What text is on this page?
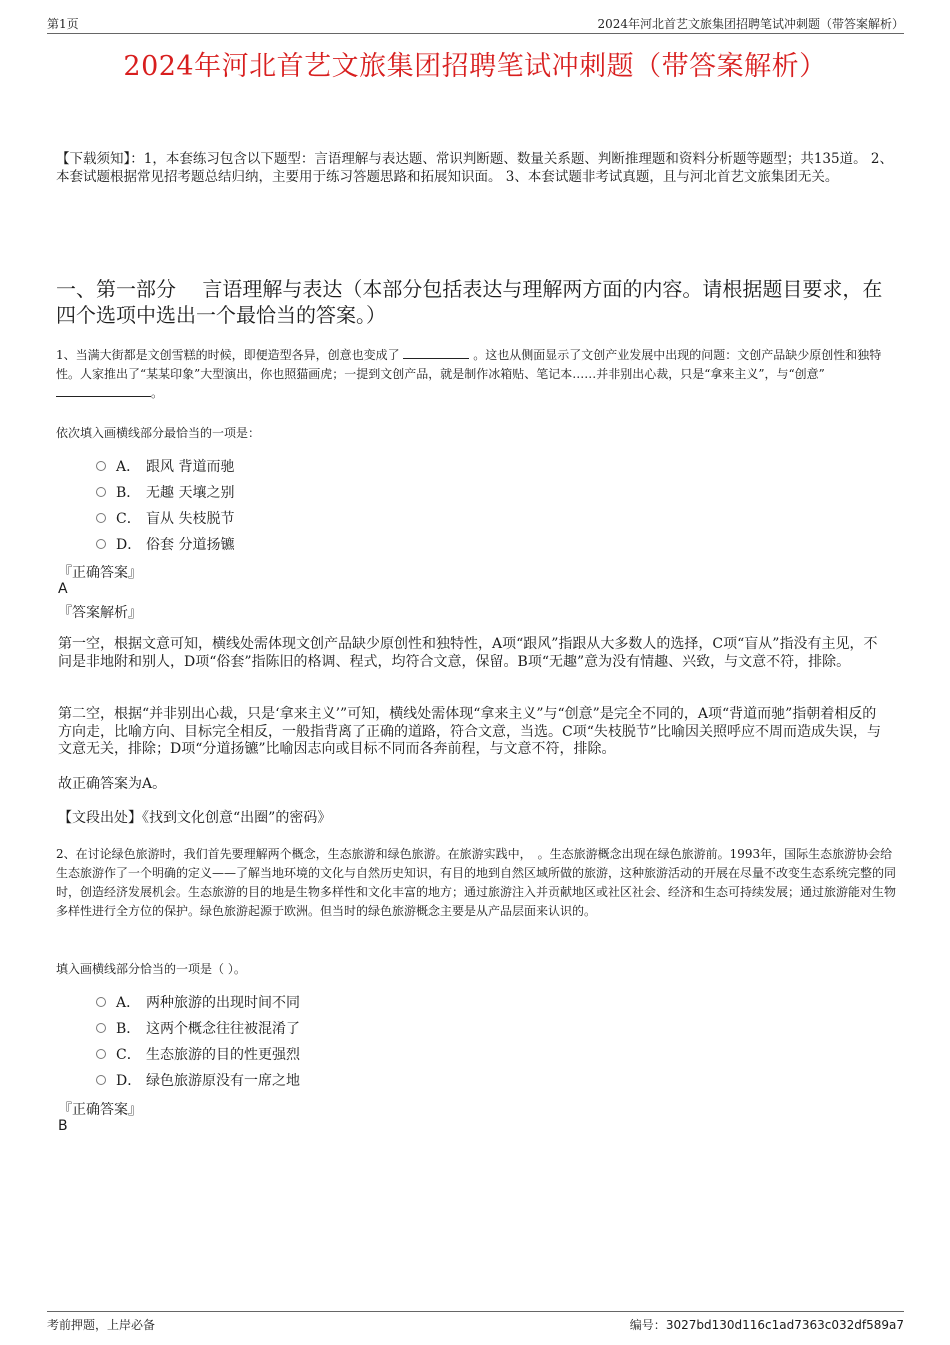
第1页	2024年河北首艺文旅集团招聘笔试冲刺题（带答案解析）
2024年河北首艺文旅集团招聘笔试冲刺题（带答案解析）
【下载须知】：1，本套练习包含以下题型：言语理解与表达题、常识判断题、数量关系题、判断推理题和资料分析题等题型；共135道。 2、本套试题根据常见招考题总结归纳，主要用于练习答题思路和拓展知识面。 3、本套试题非考试真题，且与河北首艺文旅集团无关。
一、第一部分　 言语理解与表达（本部分包括表达与理解两方面的内容。请根据题目要求，在四个选项中选出一个最恰当的答案。）
1、当满大街都是文创雪糕的时候，即便造型各异，创意也变成了	。这也从侧面显示了文创产业发展中出现的问题：文创产品缺少原创性和独特性。人家推出了“某某印象”大型演出，你也照猫画虎；一提到文创产品，就是制作冰箱贴、笔记本……并非别出心裁，只是“拿来主义”，与“创意” 。
依次填入画横线部分最恰当的一项是：
A． 跟风 背道而驰
B． 无趣 天壤之别
C． 盲从 失枝脱节
D． 俗套 分道扬镳
『正确答案』
A
『答案解析』
第一空，根据文意可知，横线处需体现文创产品缺少原创性和独特性，A项“跟风”指跟从大多数人的选择，C项“盲从”指没有主见，不问是非地附和别人，D项“俗套”指陈旧的格调、程式，均符合文意，保留。B项“无趣”意为没有情趣、兴致，与文意不符，排除。
第二空，根据“并非别出心裁，只是‘拿来主义’”可知，横线处需体现“拿来主义”与“创意”是完全不同的，A项“背道而驰”指朝着相反的方向走，比喻方向、目标完全相反，一般指背离了正确的道路，符合文意，当选。C项“失枝脱节”比喻因关照呼应不周而造成失误，与文意无关，排除；D项“分道扬镳”比喻因志向或目标不同而各奔前程，与文意不符，排除。
故正确答案为A。
【文段出处】《找到文化创意“出圈”的密码》
2、在讨论绿色旅游时，我们首先要理解两个概念，生态旅游和绿色旅游。在旅游实践中，　。生态旅游概念出现在绿色旅游前。1993年，国际生态旅游协会给生态旅游作了一个明确的定义——了解当地环境的文化与自然历史知识，有目的地到自然区域所做的旅游，这种旅游活动的开展在尽量不改变生态系统完整的同时，创造经济发展机会。生态旅游的目的地是生物多样性和文化丰富的地方；通过旅游注入并贡献地区或社区社会、经济和生态可持续发展；通过旅游能对生物多样性进行全方位的保护。绿色旅游起源于欧洲。但当时的绿色旅游概念主要是从产品层面来认识的。
填入画横线部分恰当的一项是（ ）。
A． 两种旅游的出现时间不同
B． 这两个概念往往被混淆了
C． 生态旅游的目的性更强烈
D． 绿色旅游原没有一席之地
『正确答案』
B
考前押题，上岸必备	编号：3027bd130d116c1ad7363c032df589a7
